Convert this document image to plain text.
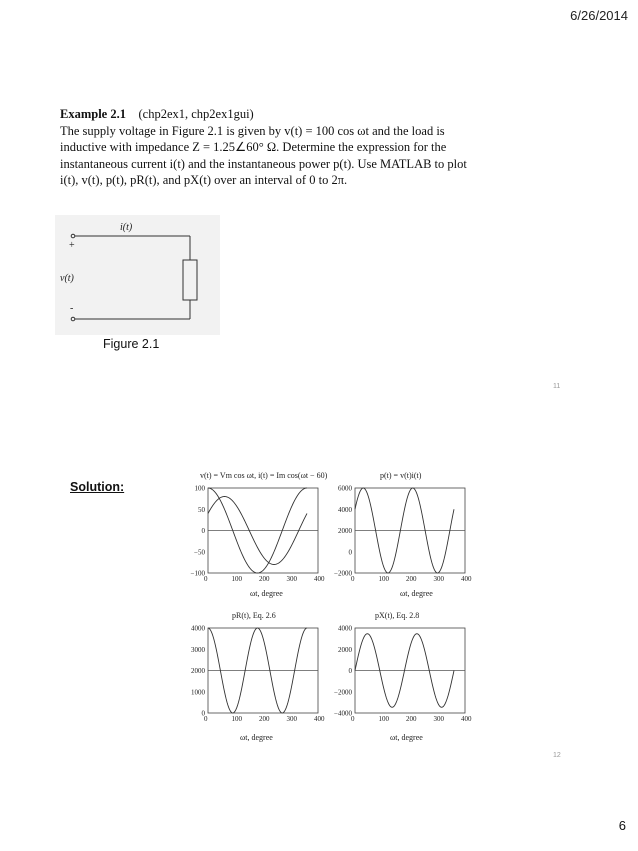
6/26/2014
Example 2.1 (chp2ex1, chp2ex1gui)
The supply voltage in Figure 2.1 is given by v(t) = 100 cos ωt and the load is inductive with impedance Z = 1.25∠60° Ω. Determine the expression for the instantaneous current i(t) and the instantaneous power p(t). Use MATLAB to plot i(t), v(t), p(t), pR(t), and pX(t) over an interval of 0 to 2π.
i(t)
+
v(t)
-
Figure 2.1
11
Solution:
v(t) = Vm cos ωt, i(t) = Im cos(ωt − 60)	p(t) = v(t)i(t)
pR(t), Eq. 2.6	pX(t), Eq. 2.8
ωt, degree	ωt, degree
ωt, degree	ωt, degree
0	100 200 300 400
100
50
0
−50
−100
0	100 200 300 400
6000
4000
2000
0
−2000
0	100 200 300 400
4000
3000
2000
1000
0
0	100 200 300 400
4000
2000
0
−2000
−4000
12
6
